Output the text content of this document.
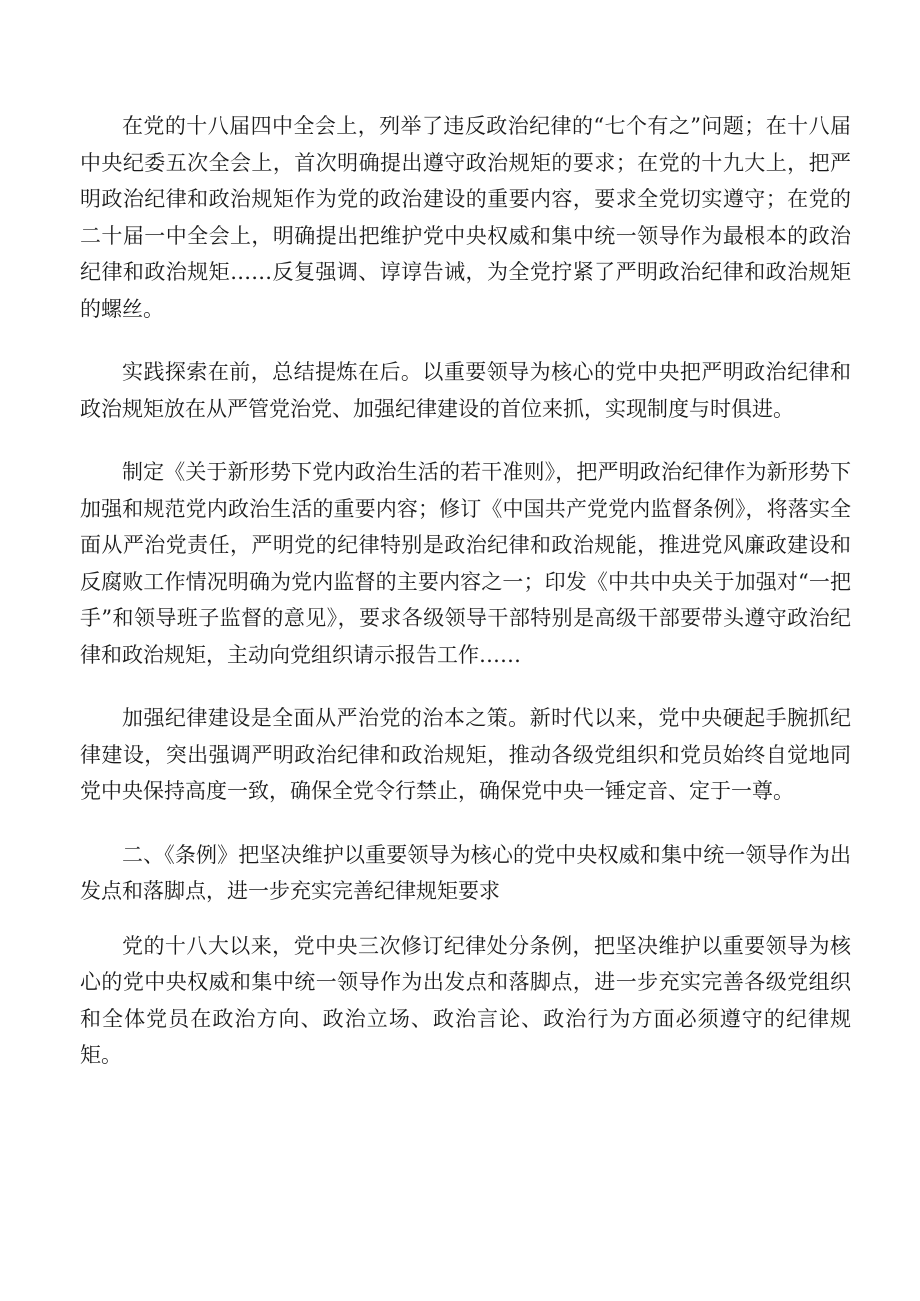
在党的十八届四中全会上，列举了违反政治纪律的“七个有之”问题；在十八届中央纪委五次全会上，首次明确提出遵守政治规矩的要求；在党的十九大上，把严明政治纪律和政治规矩作为党的政治建设的重要内容，要求全党切实遵守；在党的二十届一中全会上，明确提出把维护党中央权威和集中统一领导作为最根本的政治纪律和政治规矩……反复强调、谆谆告诫，为全党拧紧了严明政治纪律和政治规矩的螺丝。

实践探索在前，总结提炼在后。以重要领导为核心的党中央把严明政治纪律和政治规矩放在从严管党治党、加强纪律建设的首位来抓，实现制度与时俱进。

制定《关于新形势下党内政治生活的若干准则》，把严明政治纪律作为新形势下加强和规范党内政治生活的重要内容；修订《中国共产党党内监督条例》，将落实全面从严治党责任，严明党的纪律特别是政治纪律和政治规能，推进党风廉政建设和反腐败工作情况明确为党内监督的主要内容之一；印发《中共中央关于加强对“一把手”和领导班子监督的意见》，要求各级领导干部特别是高级干部要带头遵守政治纪律和政治规矩，主动向党组织请示报告工作……

加强纪律建设是全面从严治党的治本之策。新时代以来，党中央硬起手腕抓纪律建设，突出强调严明政治纪律和政治规矩，推动各级党组织和党员始终自觉地同党中央保持高度一致，确保全党令行禁止，确保党中央一锤定音、定于一尊。

二、《条例》把坚决维护以重要领导为核心的党中央权威和集中统一领导作为出发点和落脚点，进一步充实完善纪律规矩要求

党的十八大以来，党中央三次修订纪律处分条例，把坚决维护以重要领导为核心的党中央权威和集中统一领导作为出发点和落脚点，进一步充实完善各级党组织和全体党员在政治方向、政治立场、政治言论、政治行为方面必须遵守的纪律规矩。
